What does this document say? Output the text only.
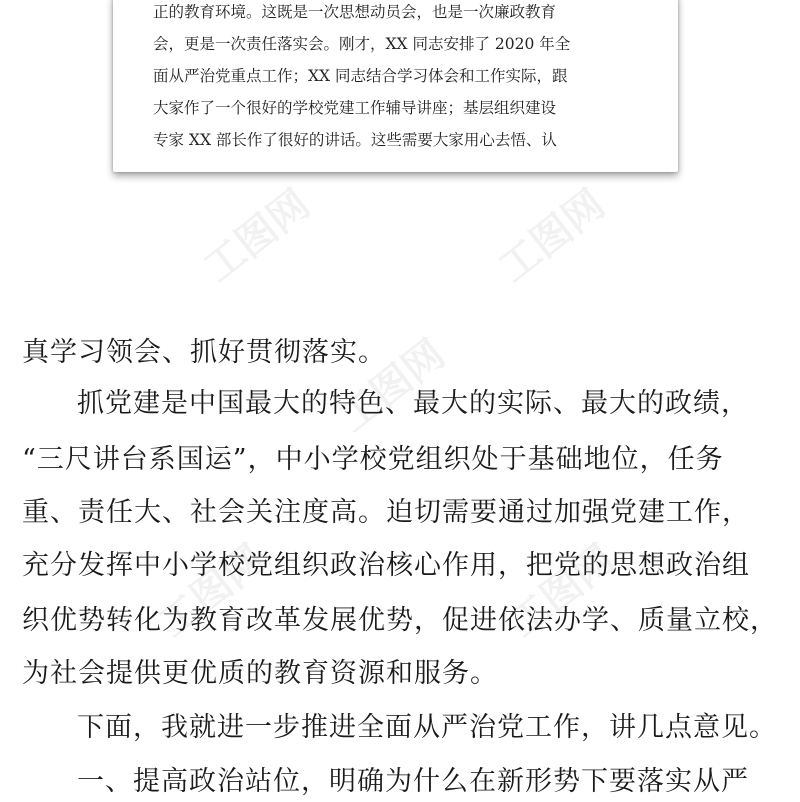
正的教育环境。这既是一次思想动员会，也是一次廉政教育
会，更是一次责任落实会。刚才，XX 同志安排了 2020 年全
面从严治党重点工作；XX 同志结合学习体会和工作实际，跟
大家作了一个很好的学校党建工作辅导讲座；基层组织建设
专家 XX 部长作了很好的讲话。这些需要大家用心去悟、认
工图网	工图网
工图网
工图网	工图网
真学习领会、抓好贯彻落实。
抓党建是中国最大的特色、最大的实际、最大的政绩，
“三尺讲台系国运”，中小学校党组织处于基础地位，任务
重、责任大、社会关注度高。迫切需要通过加强党建工作，
充分发挥中小学校党组织政治核心作用，把党的思想政治组
织优势转化为教育改革发展优势，促进依法办学、质量立校，
为社会提供更优质的教育资源和服务。
下面，我就进一步推进全面从严治党工作，讲几点意见。
一、提高政治站位，明确为什么在新形势下要落实从严
